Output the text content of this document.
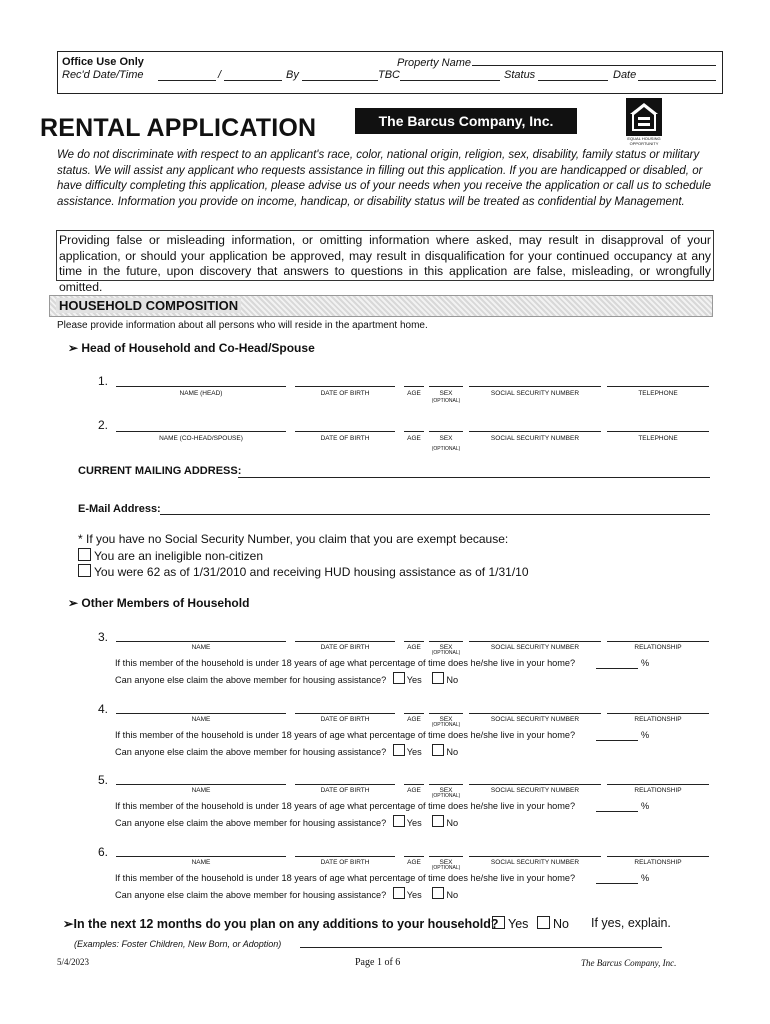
Office Use Only
Rec'd Date/Time
Property Name
/	By	TBC	Status	Date
RENTAL APPLICATION	The Barcus Company, Inc.
EQUAL HOUSING OPPORTUNITY
We do not discriminate with respect to an applicant's race, color, national origin, religion, sex, disability, family status or military status. We will assist any applicant who requests assistance in filling out this application. If you are handicapped or disabled, or have difficulty completing this application, please advise us of your needs when you receive the application or call us to schedule assistance. Information you provide on income, handicap, or disability status will be treated as confidential by Management.
Providing false or misleading information, or omitting information where asked, may result in disapproval of your application, or should your application be approved, may result in disqualification for your continued occupancy at any time in the future, upon discovery that answers to questions in this application are false, misleading, or wrongfully omitted.
HOUSEHOLD COMPOSITION
Please provide information about all persons who will reside in the apartment home.
➢ Head of Household and Co-Head/Spouse
1.
NAME (HEAD)	DATE OF BIRTH	AGE	SEX
(OPTIONAL)
SOCIAL SECURITY NUMBER	TELEPHONE
2.
NAME (CO-HEAD/SPOUSE)	DATE OF BIRTH	AGE	SEX
(OPTIONAL)
SOCIAL SECURITY NUMBER	TELEPHONE
CURRENT MAILING ADDRESS:
E-Mail Address:
* If you have no Social Security Number, you claim that you are exempt because:
You are an ineligible non-citizen
You were 62 as of 1/31/2010 and receiving HUD housing assistance as of 1/31/10
➢ Other Members of Household
3.
NAME	DATE OF BIRTH	AGE	SEX
(OPTIONAL)
SOCIAL SECURITY NUMBER	RELATIONSHIP
If this member of the household is under 18 years of age what percentage of time does he/she live in your home?	%
Can anyone else claim the above member for housing assistance? Yes	No
4.
NAME	DATE OF BIRTH	AGE	SEX
(OPTIONAL)
SOCIAL SECURITY NUMBER	RELATIONSHIP
If this member of the household is under 18 years of age what percentage of time does he/she live in your home?	%
Can anyone else claim the above member for housing assistance? Yes	No
5.
NAME	DATE OF BIRTH	AGE	SEX
(OPTIONAL)
SOCIAL SECURITY NUMBER	RELATIONSHIP
If this member of the household is under 18 years of age what percentage of time does he/she live in your home?	%
Can anyone else claim the above member for housing assistance? Yes	No
6.
NAME	DATE OF BIRTH	AGE	SEX
(OPTIONAL)
SOCIAL SECURITY NUMBER	RELATIONSHIP
If this member of the household is under 18 years of age what percentage of time does he/she live in your home?	%
Can anyone else claim the above member for housing assistance? Yes	No
➢In the next 12 months do you plan on any additions to your household? Yes	No If yes, explain.
(Examples: Foster Children, New Born, or Adoption)
5/4/2023	Page 1 of 6	The Barcus Company, Inc.
